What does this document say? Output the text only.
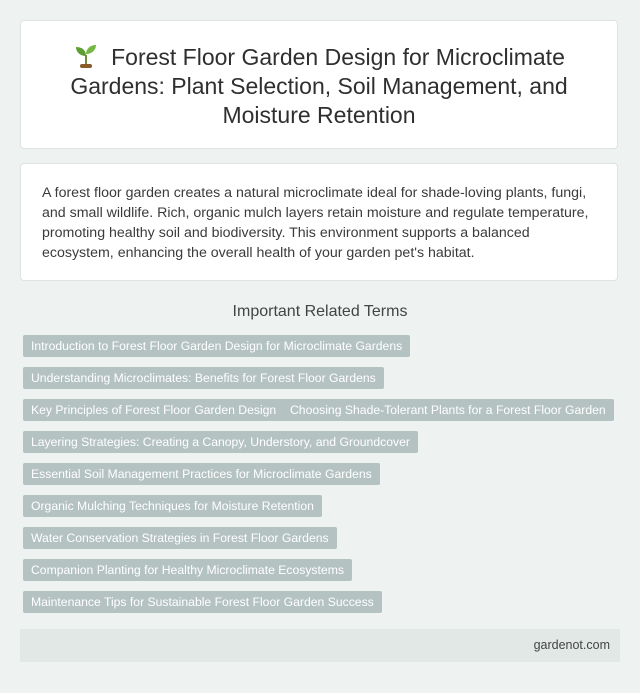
Forest Floor Garden Design for Microclimate Gardens: Plant Selection, Soil Management, and Moisture Retention

A forest floor garden creates a natural microclimate ideal for shade-loving plants, fungi, and small wildlife. Rich, organic mulch layers retain moisture and regulate temperature, promoting healthy soil and biodiversity. This environment supports a balanced ecosystem, enhancing the overall health of your garden pet's habitat.

Important Related Terms
Introduction to Forest Floor Garden Design for Microclimate Gardens
Understanding Microclimates: Benefits for Forest Floor Gardens
Key Principles of Forest Floor Garden Design	Choosing Shade-Tolerant Plants for a Forest Floor Garden
Layering Strategies: Creating a Canopy, Understory, and Groundcover
Essential Soil Management Practices for Microclimate Gardens
Organic Mulching Techniques for Moisture Retention
Water Conservation Strategies in Forest Floor Gardens
Companion Planting for Healthy Microclimate Ecosystems
Maintenance Tips for Sustainable Forest Floor Garden Success
gardenot.com
